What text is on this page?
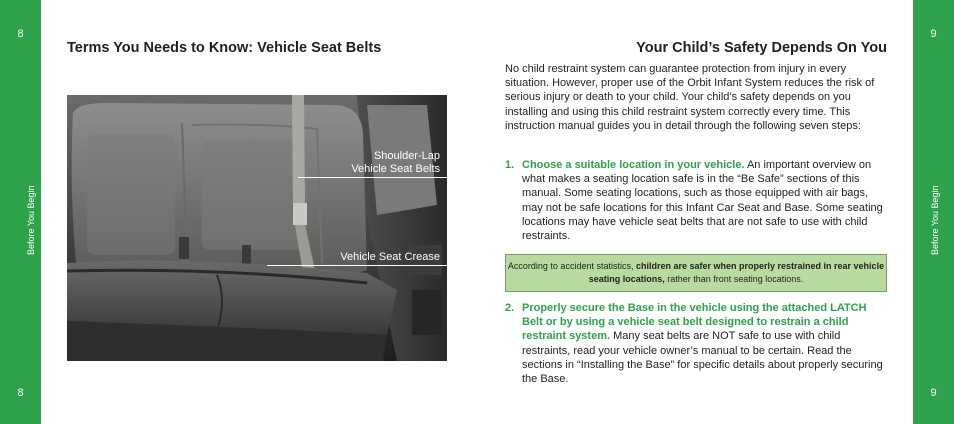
8
Before You Begin
8
9
Before You Begin
9
Terms You Needs to Know: Vehicle Seat Belts
Shoulder-Lap
Vehicle Seat Belts
Vehicle Seat Crease
Your Child’s Safety Depends On You
No child restraint system can guarantee protection from injury in every situation. However, proper use of the Orbit Infant System reduces the risk of serious injury or death to your child. Your child’s safety depends on you installing and using this child restraint system correctly every time. This instruction manual guides you in detail through the following seven steps:
1. Choose a suitable location in your vehicle. An important overview on what makes a seating location safe is in the “Be Safe” sections of this manual. Some seating locations, such as those equipped with air bags, may not be safe locations for this Infant Car Seat and Base. Some seating locations may have vehicle seat belts that are not safe to use with child restraints.
According to accident statistics, children are safer when properly restrained in rear vehicle seating locations, rather than front seating locations.
2. Properly secure the Base in the vehicle using the attached LATCH Belt or by using a vehicle seat belt designed to restrain a child restraint system. Many seat belts are NOT safe to use with child restraints, read your vehicle owner’s manual to be certain. Read the sections in “Installing the Base” for specific details about properly securing the Base.
